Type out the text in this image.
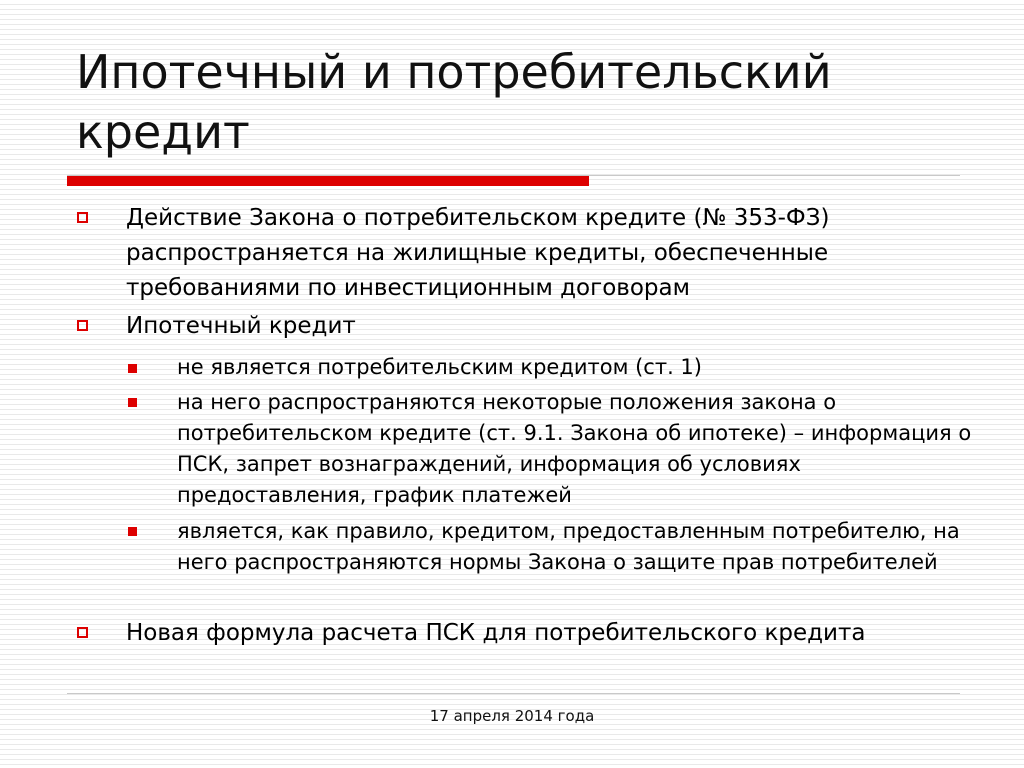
Ипотечный и потребительский кредит
Действие Закона о потребительском кредите (№ 353-ФЗ) распространяется на жилищные кредиты, обеспеченные требованиями по инвестиционным договорам
Ипотечный кредит
не является потребительским кредитом (ст. 1)
на него распространяются некоторые положения закона о потребительском кредите (ст. 9.1. Закона об ипотеке) – информация о ПСК, запрет вознаграждений, информация об условиях предоставления, график платежей
является, как правило, кредитом, предоставленным потребителю, на него распространяются нормы Закона о защите прав потребителей
Новая формула расчета ПСК для потребительского кредита
17 апреля 2014 года
